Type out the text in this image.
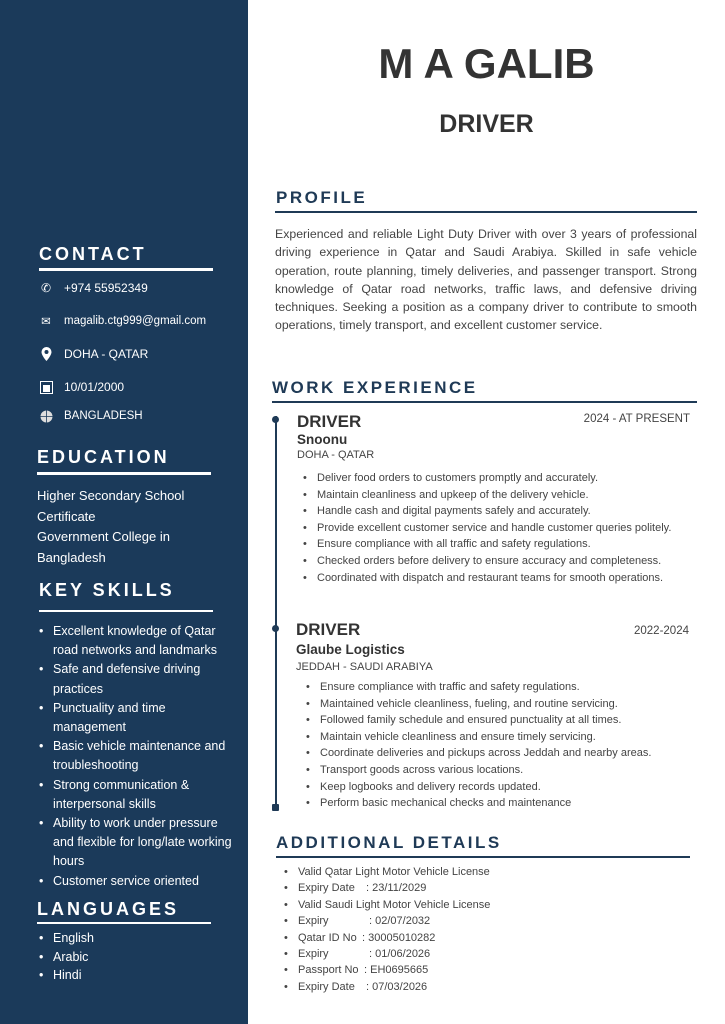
CONTACT
✆ +974 55952349
✉ magalib.ctg999@gmail.com
DOHA - QATAR
10/01/2000
BANGLADESH
EDUCATION
Higher Secondary School
Certificate
Government College in
Bangladesh
KEY SKILLS
• Excellent knowledge of Qatar road networks and landmarks
• Safe and defensive driving practices
• Punctuality and time management
• Basic vehicle maintenance and troubleshooting
• Strong communication & interpersonal skills
• Ability to work under pressure and flexible for long/late working hours
• Customer service oriented
LANGUAGES
• English
• Arabic
• Hindi
M A GALIB
DRIVER
PROFILE
Experienced and reliable Light Duty Driver with over 3 years of professional driving experience in Qatar and Saudi Arabiya. Skilled in safe vehicle operation, route planning, timely deliveries, and passenger transport. Strong knowledge of Qatar road networks, traffic laws, and defensive driving techniques. Seeking a position as a company driver to contribute to smooth operations, timely transport, and excellent customer service.
WORK EXPERIENCE
DRIVER	2024 - AT PRESENT
Snoonu
DOHA - QATAR
• Deliver food orders to customers promptly and accurately.
• Maintain cleanliness and upkeep of the delivery vehicle.
• Handle cash and digital payments safely and accurately.
• Provide excellent customer service and handle customer queries politely.
• Ensure compliance with all traffic and safety regulations.
• Checked orders before delivery to ensure accuracy and completeness.
• Coordinated with dispatch and restaurant teams for smooth operations.
DRIVER	2022-2024
Glaube Logistics
JEDDAH - SAUDI ARABIYA
• Ensure compliance with traffic and safety regulations.
• Maintained vehicle cleanliness, fueling, and routine servicing.
• Followed family schedule and ensured punctuality at all times.
• Maintain vehicle cleanliness and ensure timely servicing.
• Coordinate deliveries and pickups across Jeddah and nearby areas.
• Transport goods across various locations.
• Keep logbooks and delivery records updated.
• Perform basic mechanical checks and maintenance
ADDITIONAL DETAILS
• Valid Qatar Light Motor Vehicle License
• Expiry Date : 23/11/2029
• Valid Saudi Light Motor Vehicle License
• Expiry	: 02/07/2032
• Qatar ID No : 30005010282
• Expiry	: 01/06/2026
• Passport No : EH0695665
• Expiry Date : 07/03/2026
